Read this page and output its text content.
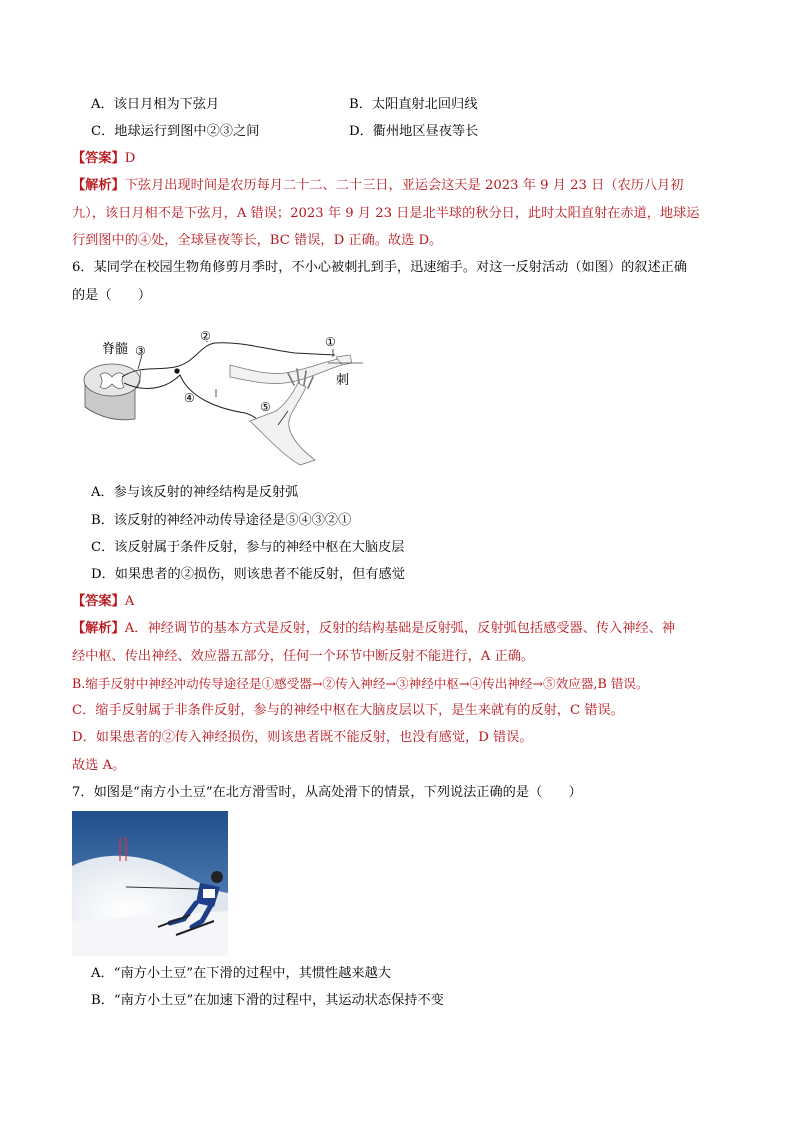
A．该日月相为下弦月	B．太阳直射北回归线
C．地球运行到图中②③之间	D．衢州地区昼夜等长
【答案】D
【解析】下弦月出现时间是农历每月二十二、二十三日，亚运会这天是 2023 年 9 月 23 日（农历八月初
九），该日月相不是下弦月，A 错误；2023 年 9 月 23 日是北半球的秋分日，此时太阳直射在赤道，地球运
行到图中的④处，全球昼夜等长，BC 错误，D 正确。故选 D。
6．某同学在校园生物角修剪月季时，不小心被刺扎到手，迅速缩手。对这一反射活动（如图）的叙述正确
的是（　　）
脊髓 ③
②	①
刺
④
⑤
A．参与该反射的神经结构是反射弧
B．该反射的神经冲动传导途径是⑤④③②①
C．该反射属于条件反射，参与的神经中枢在大脑皮层
D．如果患者的②损伤，则该患者不能反射，但有感觉
【答案】A
【解析】A．神经调节的基本方式是反射，反射的结构基础是反射弧，反射弧包括感受器、传入神经、神
经中枢、传出神经、效应器五部分，任何一个环节中断反射不能进行，A 正确。
B.缩手反射中神经冲动传导途径是①感受器→②传入神经→③神经中枢→④传出神经→⑤效应器,B 错误。
C．缩手反射属于非条件反射，参与的神经中枢在大脑皮层以下，是生来就有的反射，C 错误。
D．如果患者的②传入神经损伤，则该患者既不能反射，也没有感觉，D 错误。
故选 A。
7．如图是“南方小土豆”在北方滑雪时，从高处滑下的情景，下列说法正确的是（　　）
A．“南方小土豆”在下滑的过程中，其惯性越来越大
B．“南方小土豆”在加速下滑的过程中，其运动状态保持不变
